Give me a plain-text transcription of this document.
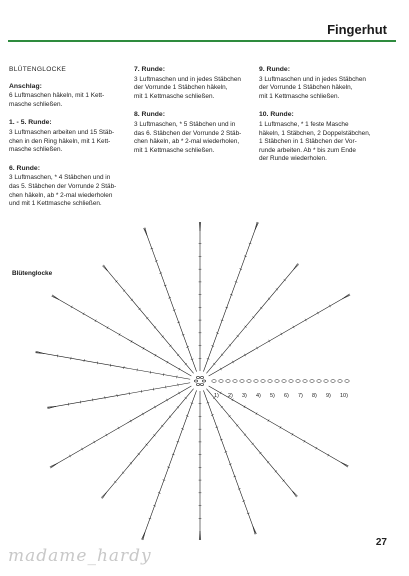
Fingerhut
BLÜTENGLOCKE
Anschlag:
6 Luftmaschen häkeln, mit 1 Kett-
masche schließen.
1. - 5. Runde:
3 Luftmaschen arbeiten und 15 Stäb-
chen in den Ring häkeln, mit 1 Kett-
masche schließen.
6. Runde:
3 Luftmaschen, * 4 Stäbchen und in
das 5. Stäbchen der Vorrunde 2 Stäb-
chen häkeln, ab * 2-mal wiederholen
und mit 1 Kettmasche schließen.
7. Runde:
3 Luftmaschen und in jedes Stäbchen
der Vorrunde 1 Stäbchen häkeln,
mit 1 Kettmasche schließen.
8. Runde:
3 Luftmaschen, * 5 Stäbchen und in
das 6. Stäbchen der Vorrunde 2 Stäb-
chen häkeln, ab * 2-mal wiederholen,
mit 1 Kettmasche schließen.
9. Runde:
3 Luftmaschen und in jedes Stäbchen
der Vorrunde 1 Stäbchen häkeln,
mit 1 Kettmasche schließen.
10. Runde:
1 Luftmasche, * 1 feste Masche
häkeln, 1 Stäbchen, 2 Doppelstäbchen,
1 Stäbchen in 1 Stäbchen der Vor-
runde arbeiten. Ab * bis zum Ende
der Runde wiederholen.
Blütenglocke
1) 2) 3) 4) 5) 6) 7) 8) 9) 10)
27
madame_hardy
